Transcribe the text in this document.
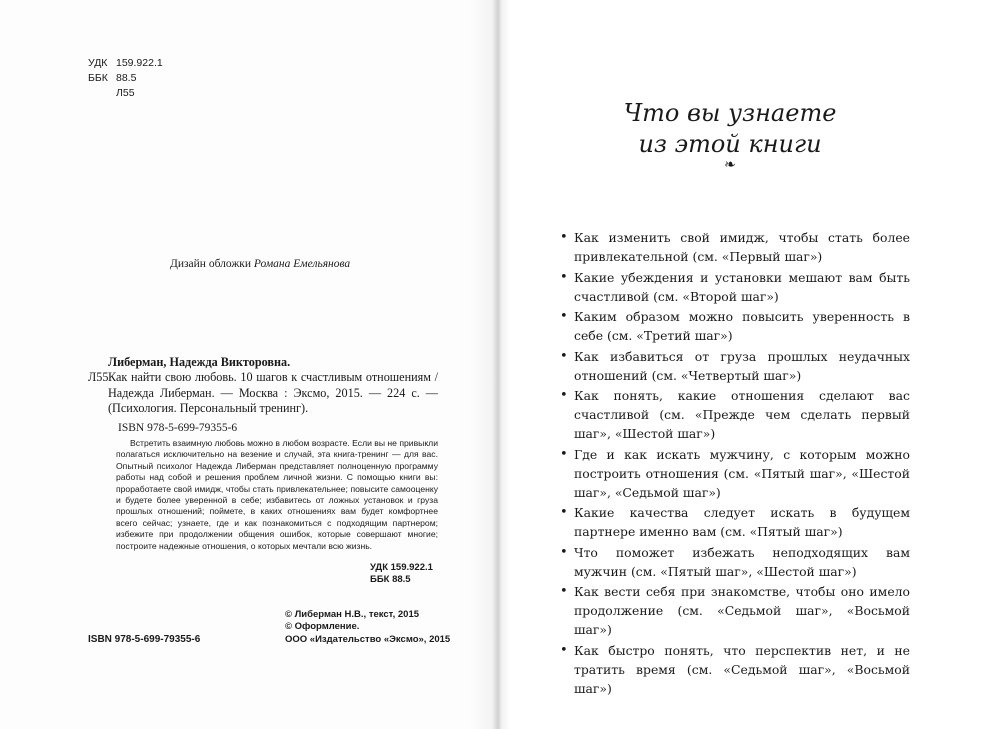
УДК 159.922.1
ББК 88.5
Л55
Дизайн обложки Романа Емельянова
Либерман, Надежда Викторовна.
Л55 Как найти свою любовь. 10 шагов к счастливым отношениям / Надежда Либерман. — Москва : Эксмо, 2015. — 224 с. — (Психология. Персональный тренинг).
ISBN 978-5-699-79355-6

Встретить взаимную любовь можно в любом возрасте. Если вы не привыкли полагаться исключительно на везение и случай, эта книга-тренинг — для вас. Опытный психолог Надежда Либерман представляет полноценную программу работы над собой и решения проблем личной жизни. С помощью книги вы: проработаете свой имидж, чтобы стать привлекательнее; повысите самооценку и будете более уверенной в себе; избавитесь от ложных установок и груза прошлых отношений; поймете, в каких отношениях вам будет комфортнее всего сейчас; узнаете, где и как познакомиться с подходящим партнером; избежите при продолжении общения ошибок, которые совершают многие; построите надежные отношения, о которых мечтали всю жизнь.

УДК 159.922.1
ББК 88.5
© Либерман Н.В., текст, 2015
© Оформление.
ООО «Издательство «Эксмо», 2015
ISBN 978-5-699-79355-6
Что вы узнаете
из этой книги
❧
• Как изменить свой имидж, чтобы стать более привлекательной (см. «Первый шаг»)
• Какие убеждения и установки мешают вам быть счастливой (см. «Второй шаг»)
• Каким образом можно повысить уверенность в себе (см. «Третий шаг»)
• Как избавиться от груза прошлых неудачных отношений (см. «Четвертый шаг»)
• Как понять, какие отношения сделают вас счастливой (см. «Прежде чем сделать первый шаг», «Шестой шаг»)
• Где и как искать мужчину, с которым можно построить отношения (см. «Пятый шаг», «Шестой шаг», «Седьмой шаг»)
• Какие качества следует искать в будущем партнере именно вам (см. «Пятый шаг»)
• Что поможет избежать неподходящих вам мужчин (см. «Пятый шаг», «Шестой шаг»)
• Как вести себя при знакомстве, чтобы оно имело продолжение (см. «Седьмой шаг», «Восьмой шаг»)
• Как быстро понять, что перспектив нет, и не тратить время (см. «Седьмой шаг», «Восьмой шаг»)
